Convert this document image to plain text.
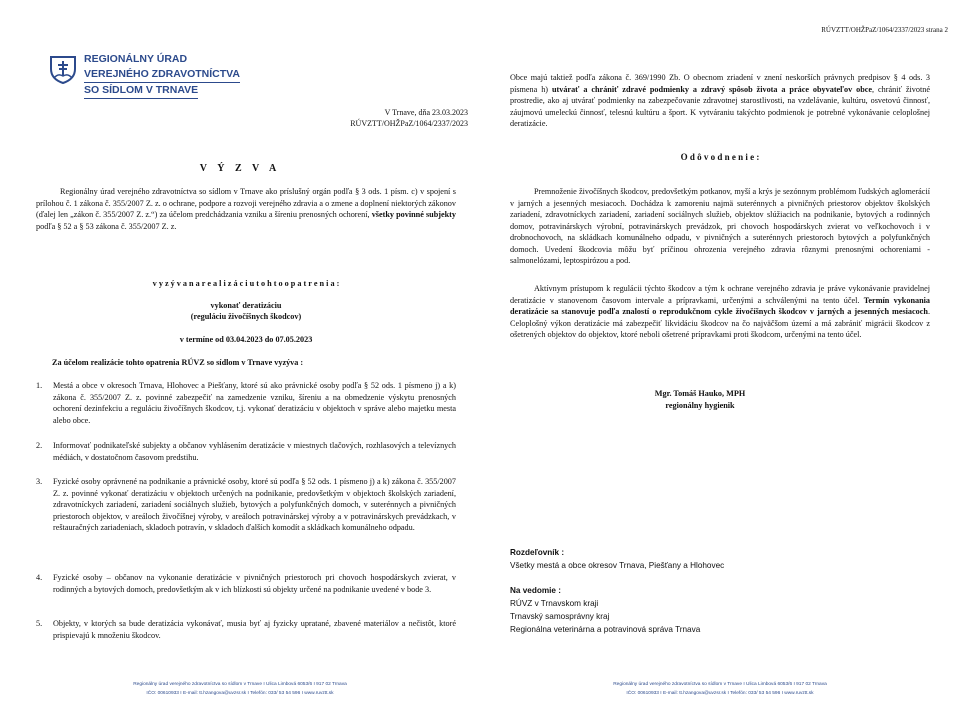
REGIONÁLNY ÚRAD
VEREJNÉHO ZDRAVOTNÍCTVA
SO SÍDLOM V TRNAVE
V Trnave, dňa 23.03.2023
RÚVZTT/OHŽPaZ/1064/2337/2023
V Ý Z V A
Regionálny úrad verejného zdravotníctva so sídlom v Trnave ako príslušný orgán podľa § 3 ods. 1 písm. c) v spojení s prílohou č. 1 zákona č. 355/2007 Z. z. o ochrane, podpore a rozvoji verejného zdravia a o zmene a doplnení niektorých zákonov (ďalej len „zákon č. 355/2007 Z. z.“) za účelom predchádzania vzniku a šíreniu prenosných ochorení, všetky povinné subjekty podľa § 52 a § 53 zákona č. 355/2007 Z. z.
v y z ý v a n a r e a l i z á c i u t o h t o o p a t r e n i a :
vykonať deratizáciu
(reguláciu živočíšnych škodcov)
v termíne od 03.04.2023 do 07.05.2023
Za účelom realizácie tohto opatrenia RÚVZ so sídlom v Trnave vyzýva :
1.	Mestá a obce v okresoch Trnava, Hlohovec a Piešťany, ktoré sú ako právnické osoby podľa § 52 ods. 1 písmeno j) a k) zákona č. 355/2007 Z. z. povinné zabezpečiť na zamedzenie vzniku, šíreniu a na obmedzenie výskytu prenosných ochorení dezinfekciu a reguláciu živočíšnych škodcov, t.j. vykonať deratizáciu v objektoch v správe alebo majetku mesta alebo obce.
2.	Informovať podnikateľské subjekty a občanov vyhlásením deratizácie v miestnych tlačových, rozhlasových a televíznych médiách, v dostatočnom časovom predstihu.
3.	Fyzické osoby oprávnené na podnikanie a právnické osoby, ktoré sú podľa § 52 ods. 1 písmeno j) a k) zákona č. 355/2007 Z. z. povinné vykonať deratizáciu v objektoch určených na podnikanie, predovšetkým v objektoch školských zariadení, zdravotníckych zariadení, zariadení sociálnych služieb, bytových a polyfunkčných domoch, v suterénnych a pivničných priestoroch objektov, v areáloch živočíšnej výroby, v areáloch potravinárskej výroby a v potravinárskych prevádzkach, v reštauračných zariadeniach, skladoch potravín, v skladoch ďalších komodít a skládkach komunálneho odpadu.
4.	Fyzické osoby – občanov na vykonanie deratizácie v pivničných priestoroch pri chovoch hospodárskych zvierat, v rodinných a bytových domoch, predovšetkým ak v ich blízkosti sú objekty určené na podnikanie uvedené v bode 3.
5.	Objekty, v ktorých sa bude deratizácia vykonávať, musia byť aj fyzicky upratané, zbavené materiálov a nečistôt, ktoré prispievajú k množeniu škodcov.
Regionálny úrad verejného zdravotníctva so sídlom v Trnave I Ulica Limbová 6053/6 I 917 02 Trnava
IČO: 00610933 I E-mail: tt.hzangova@uvzsr.sk I Telefón: 033/ 53 54 596 I www.ruvztt.sk
RÚVZTT/OHŽPaZ/1064/2337/2023 strana 2
Obce majú taktiež podľa zákona č. 369/1990 Zb. O obecnom zriadení v znení neskorších právnych predpisov § 4 ods. 3 písmena h) utvárať a chrániť zdravé podmienky a zdravý spôsob života a práce obyvateľov obce, chrániť životné prostredie, ako aj utvárať podmienky na zabezpečovanie zdravotnej starostlivosti, na vzdelávanie, kultúru, osvetovú činnosť, záujmovú umeleckú činnosť, telesnú kultúru a šport. K vytváraniu takýchto podmienok je potrebné vykonávanie celoplošnej deratizácie.
O d ô v o d n e n i e :
Premnoženie živočíšnych škodcov, predovšetkým potkanov, myší a krýs je sezónnym problémom ľudských aglomerácií v jarných a jesenných mesiacoch. Dochádza k zamoreniu najmä suterénnych a pivničných priestorov objektov školských zariadení, zdravotníckych zariadení, zariadení sociálnych služieb, objektov slúžiacich na podnikanie, bytových a rodinných domov, potravinárskych výrobní, potravinárskych prevádzok, pri chovoch hospodárskych zvierat vo veľkochovoch i v drobnochovoch, na skládkach komunálneho odpadu, v pivničných a suterénnych priestoroch bytových a polyfunkčných domoch. Uvedení škodcovia môžu byť príčinou ohrozenia verejného zdravia rôznymi prenosnými ochoreniami - salmonelózami, leptospirózou a pod.
Aktívnym prístupom k regulácii týchto škodcov a tým k ochrane verejného zdravia je práve vykonávanie pravidelnej deratizácie v stanovenom časovom intervale a prípravkami, určenými a schválenými na tento účel. Termín vykonania deratizácie sa stanovuje podľa znalostí o reprodukčnom cykle živočíšnych škodcov v jarných a jesenných mesiacoch. Celoplošný výkon deratizácie má zabezpečiť likvidáciu škodcov na čo najväčšom území a má zabrániť migrácii škodcov z ošetrených objektov do objektov, ktoré neboli ošetrené prípravkami proti škodcom, určenými na tento účel.
Rozdeľovník :
Všetky mestá a obce okresov Trnava, Piešťany a Hlohovec
Na vedomie :
RÚVZ v Trnavskom kraji
Trnavský samosprávny kraj
Regionálna veterinárna a potravinová správa Trnava
Regionálny úrad verejného zdravotníctva so sídlom v Trnave I Ulica Limbová 6053/6 I 917 02 Trnava
IČO: 00610933 I E-mail: tt.hzangova@uvzsr.sk I Telefón: 033/ 53 54 596 I www.ruvztt.sk
Mgr. Tomáš Hauko, MPH
regionálny hygienik
